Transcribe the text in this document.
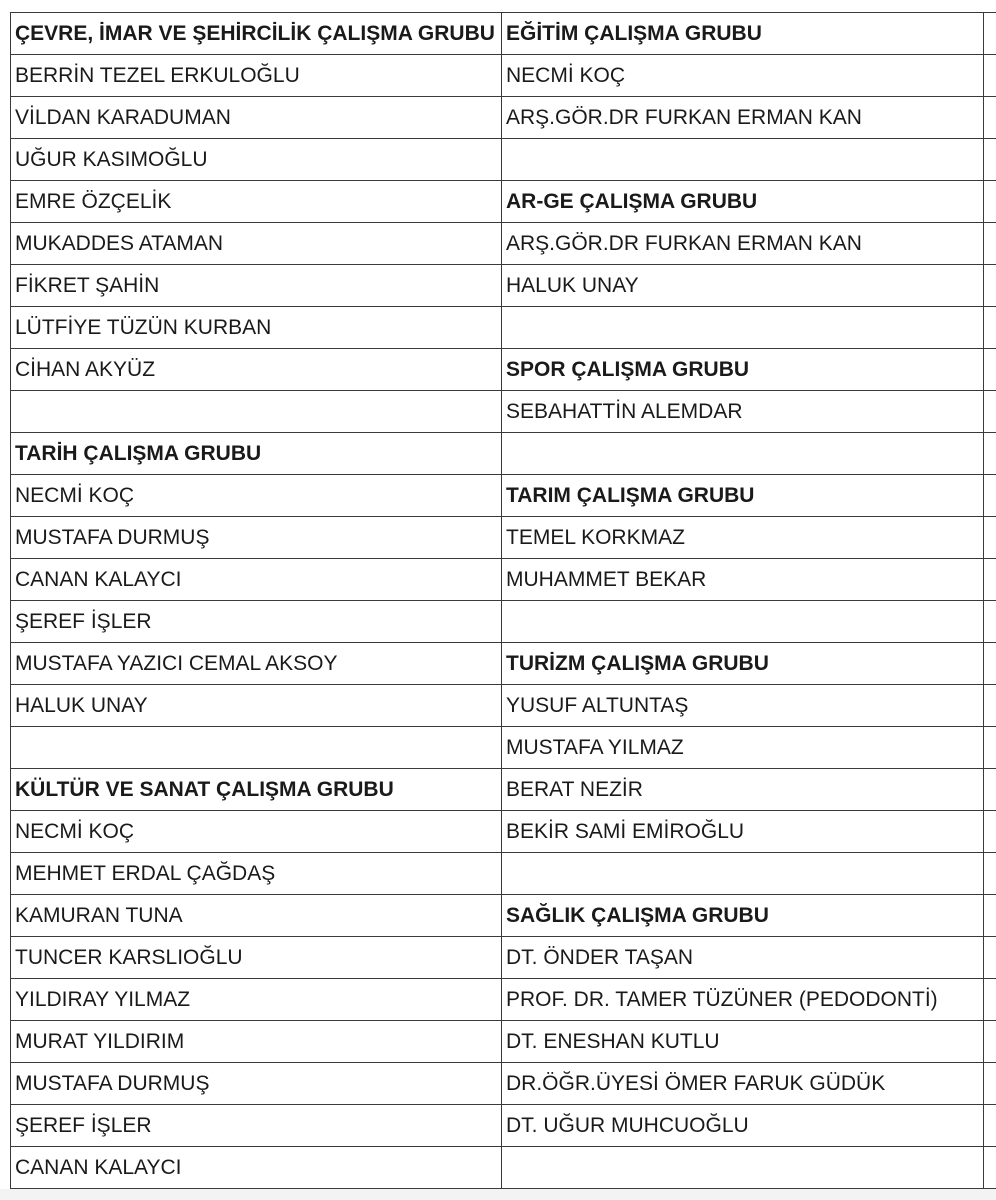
ÇEVRE, İMAR VE ŞEHİRCİLİK ÇALIŞMA GRUBU	EĞİTİM ÇALIŞMA GRUBU
BERRİN TEZEL ERKULOĞLU	NECMİ KOÇ
VİLDAN KARADUMAN	ARŞ.GÖR.DR FURKAN ERMAN KAN
UĞUR KASIMOĞLU	
EMRE ÖZÇELİK	AR-GE ÇALIŞMA GRUBU
MUKADDES ATAMAN	ARŞ.GÖR.DR FURKAN ERMAN KAN
FİKRET ŞAHİN	HALUK UNAY
LÜTFİYE TÜZÜN KURBAN	
CİHAN AKYÜZ	SPOR ÇALIŞMA GRUBU
	SEBAHATTİN ALEMDAR
TARİH ÇALIŞMA GRUBU	
NECMİ KOÇ	TARIM ÇALIŞMA GRUBU
MUSTAFA DURMUŞ	TEMEL KORKMAZ
CANAN KALAYCI	MUHAMMET BEKAR
ŞEREF İŞLER	
MUSTAFA YAZICI CEMAL AKSOY	TURİZM ÇALIŞMA GRUBU
HALUK UNAY	YUSUF ALTUNTAŞ
	MUSTAFA YILMAZ
KÜLTÜR VE SANAT ÇALIŞMA GRUBU	BERAT NEZİR
NECMİ KOÇ	BEKİR SAMİ EMİROĞLU
MEHMET ERDAL ÇAĞDAŞ	
KAMURAN TUNA	SAĞLIK ÇALIŞMA GRUBU
TUNCER KARSLIOĞLU	DT. ÖNDER TAŞAN
YILDIRAY YILMAZ	PROF. DR. TAMER TÜZÜNER (PEDODONTİ)
MURAT YILDIRIM	DT. ENESHAN KUTLU
MUSTAFA DURMUŞ	DR.ÖĞR.ÜYESİ ÖMER FARUK GÜDÜK
ŞEREF İŞLER	DT. UĞUR MUHCUOĞLU
CANAN KALAYCI	
